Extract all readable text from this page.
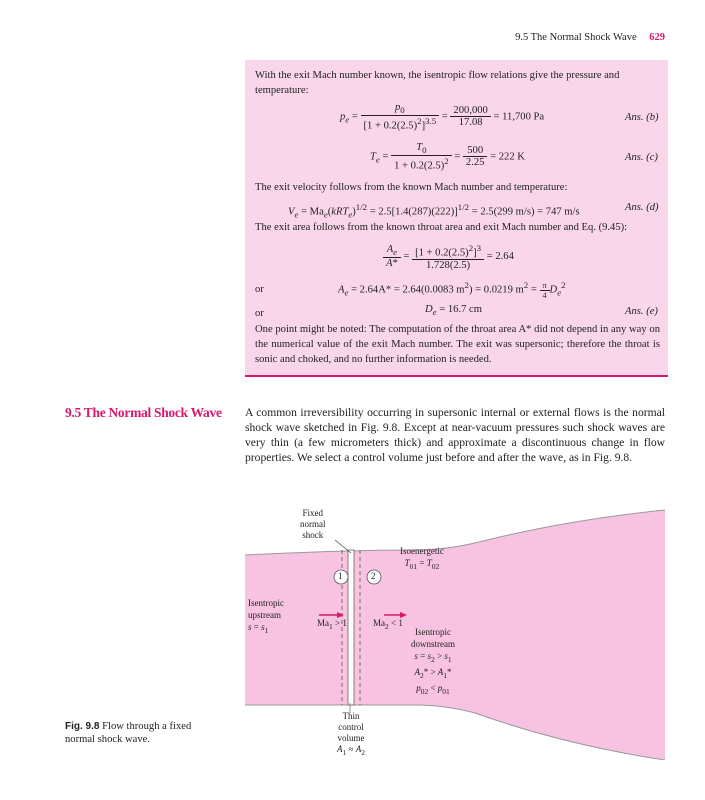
9.5 The Normal Shock Wave 629
With the exit Mach number known, the isentropic flow relations give the pressure and temperature:
$p_e = \frac{p_0}{[1 + 0.2(2.5)^2]^{3.5}} = \frac{200,000}{17.08} = 11,700$ Pa	Ans. (b)
$T_e = \frac{T_0}{1 + 0.2(2.5)^2} = \frac{500}{2.25} = 222$ K	Ans. (c)
The exit velocity follows from the known Mach number and temperature:
$V_e = Ma_e(kRT_e)^{1/2} = 2.5[1.4(287)(222)]^{1/2} = 2.5(299$ m/s) = 747 m/s	Ans. (d)
The exit area follows from the known throat area and exit Mach number and Eq. (9.45):
$\frac{A_e}{A*} = \frac{[1 + 0.2(2.5)^2]^3}{1.728(2.5)} = 2.64$
or	$A_e = 2.64A* = 2.64(0.0083$ $m^2) = 0.0219$ $m^2 = \frac{\pi}{4} D_e^2$
or	$D_e = 16.7$ cm	Ans. (e)
One point might be noted: The computation of the throat area A* did not depend in any way on the numerical value of the exit Mach number. The exit was supersonic; therefore the throat is sonic and choked, and no further information is needed.
9.5 The Normal Shock Wave A common irreversibility occurring in supersonic internal or external flows is the normal shock wave sketched in Fig. 9.8. Except at near-vacuum pressures such shock waves are very thin (a few micrometers thick) and approximate a discontinuous change in flow properties. We select a control volume just before and after the wave, as in Fig. 9.8.
Fixed
normal
shock
Isoenergetic
$T_{01} = T_{02}$
1	2
Isentropic
upstream
$s = s_1$
$Ma_1 > 1$	$Ma_2 < 1$
Isentropic
downstream
$s = s_2 > s_1$
$A_2* > A_1*$
$p_{02} < p_{01}$
Thin
control
volume
$A_1 \approx A_2$
Fig. 9.8 Flow through a fixed normal shock wave.
